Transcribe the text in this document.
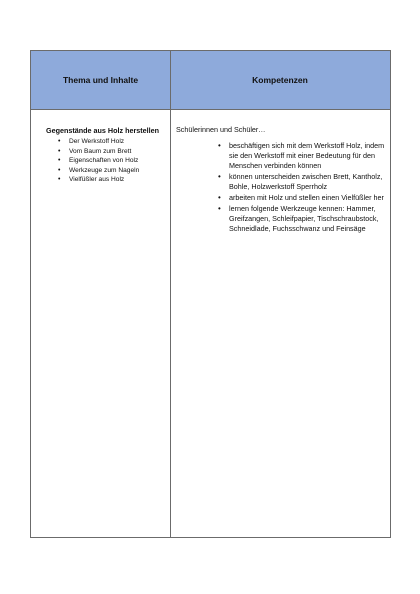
Thema und Inhalte	Kompetenzen
Gegenstände aus Holz herstellen
• Der Werkstoff Holz
• Vom Baum zum Brett
• Eigenschaften von Holz
• Werkzeuge zum Nageln
• Vielfüßler aus Holz
Schülerinnen und Schüler…
• beschäftigen sich mit dem Werkstoff Holz, indem sie den Werkstoff mit einer Bedeutung für den Menschen verbinden können
• können unterscheiden zwischen Brett, Kantholz, Bohle, Holzwerkstoff Sperrholz
• arbeiten mit Holz und stellen einen Vielfüßler her
• lernen folgende Werkzeuge kennen: Hammer, Greifzangen, Schleifpapier, Tischschraubstock, Schneidlade, Fuchsschwanz und Feinsäge
